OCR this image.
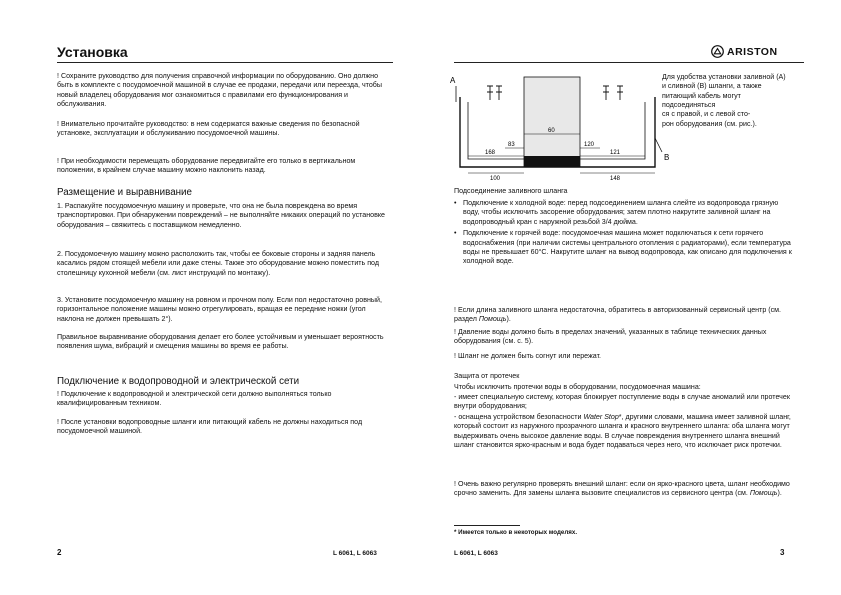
Установка
! Сохраните руководство для получения справочной информации по оборудованию. Оно должно быть в комплекте с посудомоечной машиной в случае ее продажи, передачи или переезда, чтобы новый владелец оборудования мог ознакомиться с правилами его функционирования и обслуживания.
! Внимательно прочитайте руководство: в нем содержатся важные сведения по безопасной установке, эксплуатации и обслуживанию посудомоечной машины.
! При необходимости перемещать оборудование передвигайте его только в вертикальном положении, в крайнем случае машину можно наклонить назад.
Размещение и выравнивание
1. Распакуйте посудомоечную машину и проверьте, что она не была повреждена во время транспортировки. При обнаружении повреждений – не выполняйте никаких операций по установке оборудования – свяжитесь с поставщиком немедленно.
2. Посудомоечную машину можно расположить так, чтобы ее боковые стороны и задняя панель касались рядом стоящей мебели или даже стены. Также это оборудование можно поместить под столешницу кухонной мебели (см. лист инструкций по монтажу).
3. Установите посудомоечную машину на ровном и прочном полу. Если пол недостаточно ровный, горизонтальное положение машины можно отрегулировать, вращая ее передние ножки (угол наклона не должен превышать 2°).
Правильное выравнивание оборудования делает его более устойчивым и уменьшает вероятность появления шума, вибраций и смещения машины во время ее работы.
Подключение к водопроводной и электрической сети
! Подключение к водопроводной и электрической сети должно выполняться только квалифицированным техником.
! После установки водопроводные шланги или питающий кабель не должны находиться под посудомоечной машиной.
2	L 6061, L 6063
ARISTON
A
B
60
83	120
168	121
100	148
Для удобства установки заливной (A) и сливной (B) шланги, а также питающий кабель могут подсоединяться
ся с правой, и с левой сто-
рон оборудования (см. рис.).
Подсоединение заливного шланга
• Подключение к холодной воде: перед подсоединением шланга слейте из водопровода грязную воду, чтобы исключить засорение оборудования; затем плотно накрутите заливной шланг на водопроводный кран с наружной резьбой 3/4 дюйма.
• Подключение к горячей воде: посудомоечная машина может подключаться к сети горячего водоснабжения (при наличии системы центрального отопления с радиаторами), если температура воды не превышает 60°C. Накрутите шланг на вывод водопровода, как описано для подключения к холодной воде.
! Если длина заливного шланга недостаточна, обратитесь в авторизованный сервисный центр (см. раздел Помощь).
! Давление воды должно быть в пределах значений, указанных в таблице технических данных оборудования (см. с. 5).
! Шланг не должен быть согнут или пережат.
Защита от протечек
Чтобы исключить протечки воды в оборудовании, посудомоечная машина:
- имеет специальную систему, которая блокирует поступление воды в случае аномалий или протечек внутри оборудования;
- оснащена устройством безопасности Water Stop*, другими словами, машина имеет заливной шланг, который состоит из наружного прозрачного шланга и красного внутреннего шланга: оба шланга могут выдерживать очень высокое давление воды. В случае повреждения внутреннего шланга внешний шланг становится ярко-красным и вода будет подаваться через него, что исключает риск протечки.
! Очень важно регулярно проверять внешний шланг: если он ярко-красного цвета, шланг необходимо срочно заменить. Для замены шланга вызовите специалистов из сервисного центра (см. Помощь).
* Имеется только в некоторых моделях.
L 6061, L 6063	3
